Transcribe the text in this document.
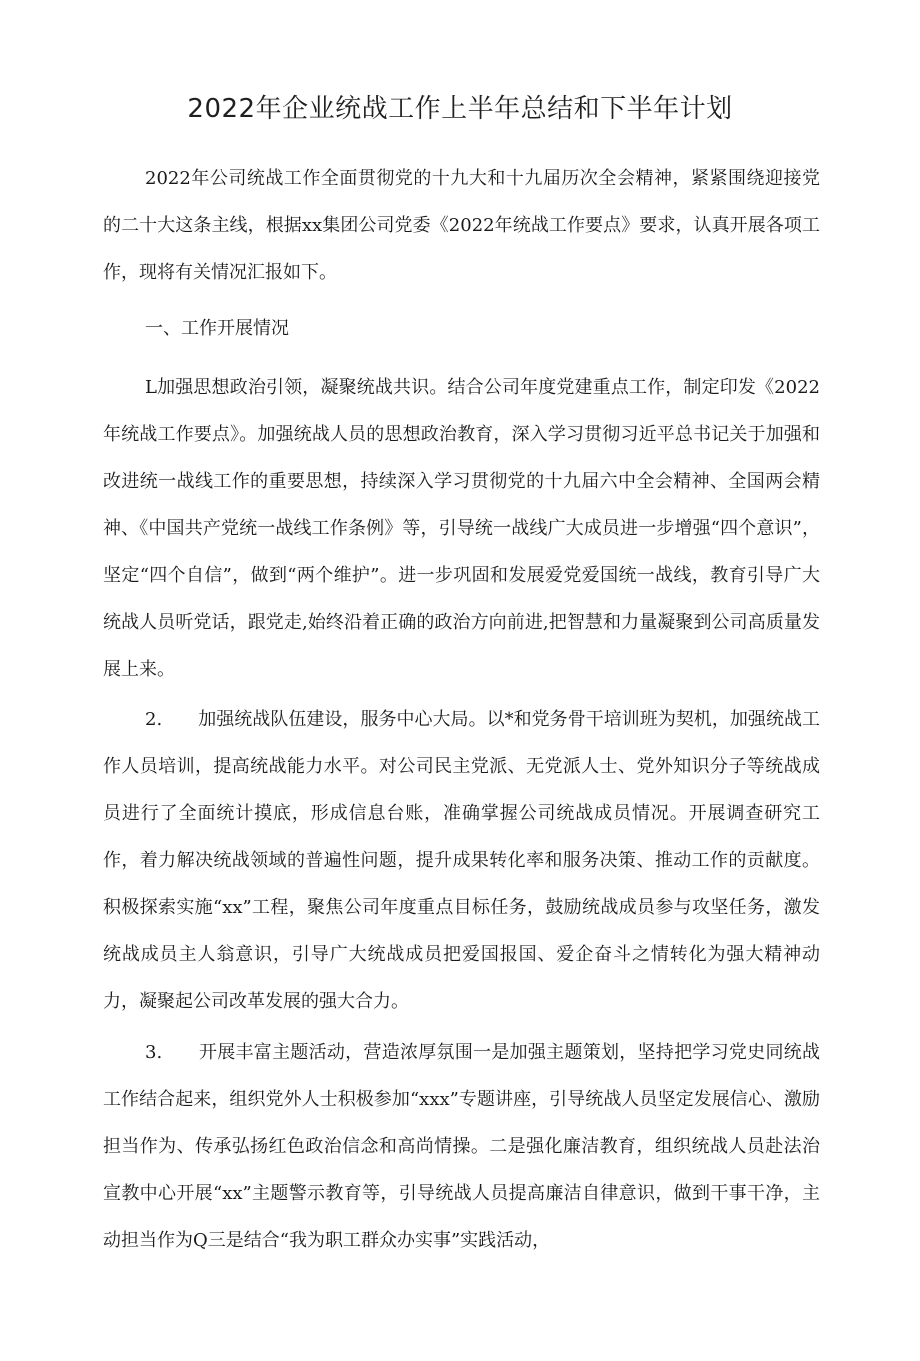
2022年企业统战工作上半年总结和下半年计划

2022年公司统战工作全面贯彻党的十九大和十九届历次全会精神，紧紧围绕迎接党的二十大这条主线，根据xx集团公司党委《2022年统战工作要点》要求，认真开展各项工作，现将有关情况汇报如下。

一、工作开展情况

L加强思想政治引领，凝聚统战共识。结合公司年度党建重点工作，制定印发《2022年统战工作要点》。加强统战人员的思想政治教育，深入学习贯彻习近平总书记关于加强和改进统一战线工作的重要思想，持续深入学习贯彻党的十九届六中全会精神、全国两会精神、《中国共产党统一战线工作条例》等，引导统一战线广大成员进一步增强“四个意识”，坚定“四个自信”，做到“两个维护”。进一步巩固和发展爱党爱国统一战线，教育引导广大统战人员听党话，跟党走,始终沿着正确的政治方向前进,把智慧和力量凝聚到公司高质量发展上来。

2.　　加强统战队伍建设，服务中心大局。以*和党务骨干培训班为契机，加强统战工作人员培训，提高统战能力水平。对公司民主党派、无党派人士、党外知识分子等统战成员进行了全面统计摸底，形成信息台账，准确掌握公司统战成员情况。开展调查研究工作，着力解决统战领域的普遍性问题，提升成果转化率和服务决策、推动工作的贡献度。积极探索实施“xx”工程，聚焦公司年度重点目标任务，鼓励统战成员参与攻坚任务，激发统战成员主人翁意识，引导广大统战成员把爱国报国、爱企奋斗之情转化为强大精神动力，凝聚起公司改革发展的强大合力。

3.　　开展丰富主题活动，营造浓厚氛围一是加强主题策划，坚持把学习党史同统战工作结合起来，组织党外人士积极参加“xxx”专题讲座，引导统战人员坚定发展信心、激励担当作为、传承弘扬红色政治信念和高尚情操。二是强化廉洁教育，组织统战人员赴法治宣教中心开展“xx”主题警示教育等，引导统战人员提高廉洁自律意识，做到干事干净，主动担当作为Q三是结合“我为职工群众办实事”实践活动，
